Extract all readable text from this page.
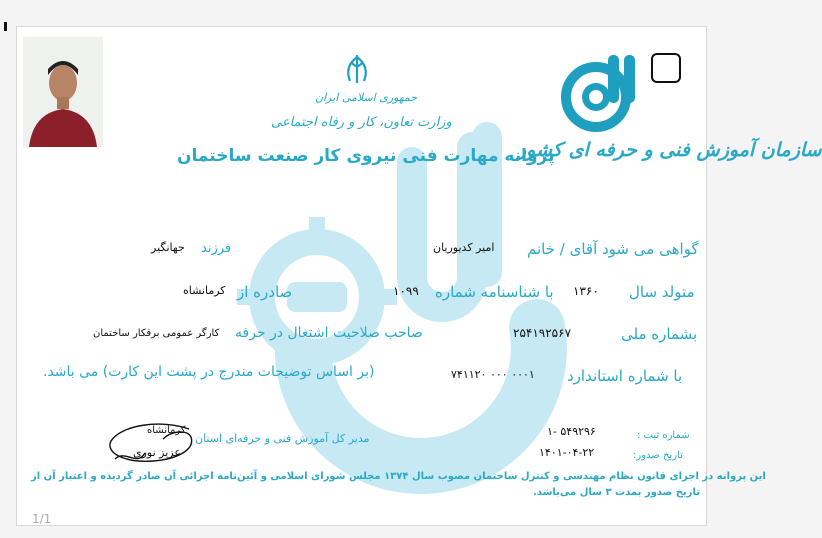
جمهوری اسلامی ایران
وزارت تعاون، کار و رفاه اجتماعی
پروانه مهارت فنی نیروی کار صنعت ساختمان
سازمان آموزش فنی و حرفه ای کشور
گواهی می شود آقای / خانم
امیر کدیوریان
فرزند
جهانگیر
متولد سال
۱۳۶۰
با شناسنامه شماره
۱۰۹۹
صادره از
کرمانشاه
بشماره ملی
۲۵۴۱۹۲۵۶۷
صاحب صلاحیت اشتغال در حرفه
کارگر عمومی برقکار ساختمان
با شماره استاندارد
۰۰۰۱ ۰۰۰ ۷۴۱۱۲۰
(بر اساس توضیحات مندرج در پشت این کارت) می باشد.
شماره ثبت :
۵۴۹۲۹۶ -۱
تاریخ صدور:
۱۴۰۱-۰۴-۲۲
مدیر کل آموزش فنی و حرفه‌ای استان
کرمانشاه
عزیز نوری
این پروانه در اجرای قانون نظام مهندسی و کنترل ساختمان مصوب سال ۱۳۷۴ مجلس شورای اسلامی و آئین‌نامه اجرائی آن صادر گردیده و اعتبار آن از
تاریخ صدور بمدت ۳ سال می‌باشد.
1/1
